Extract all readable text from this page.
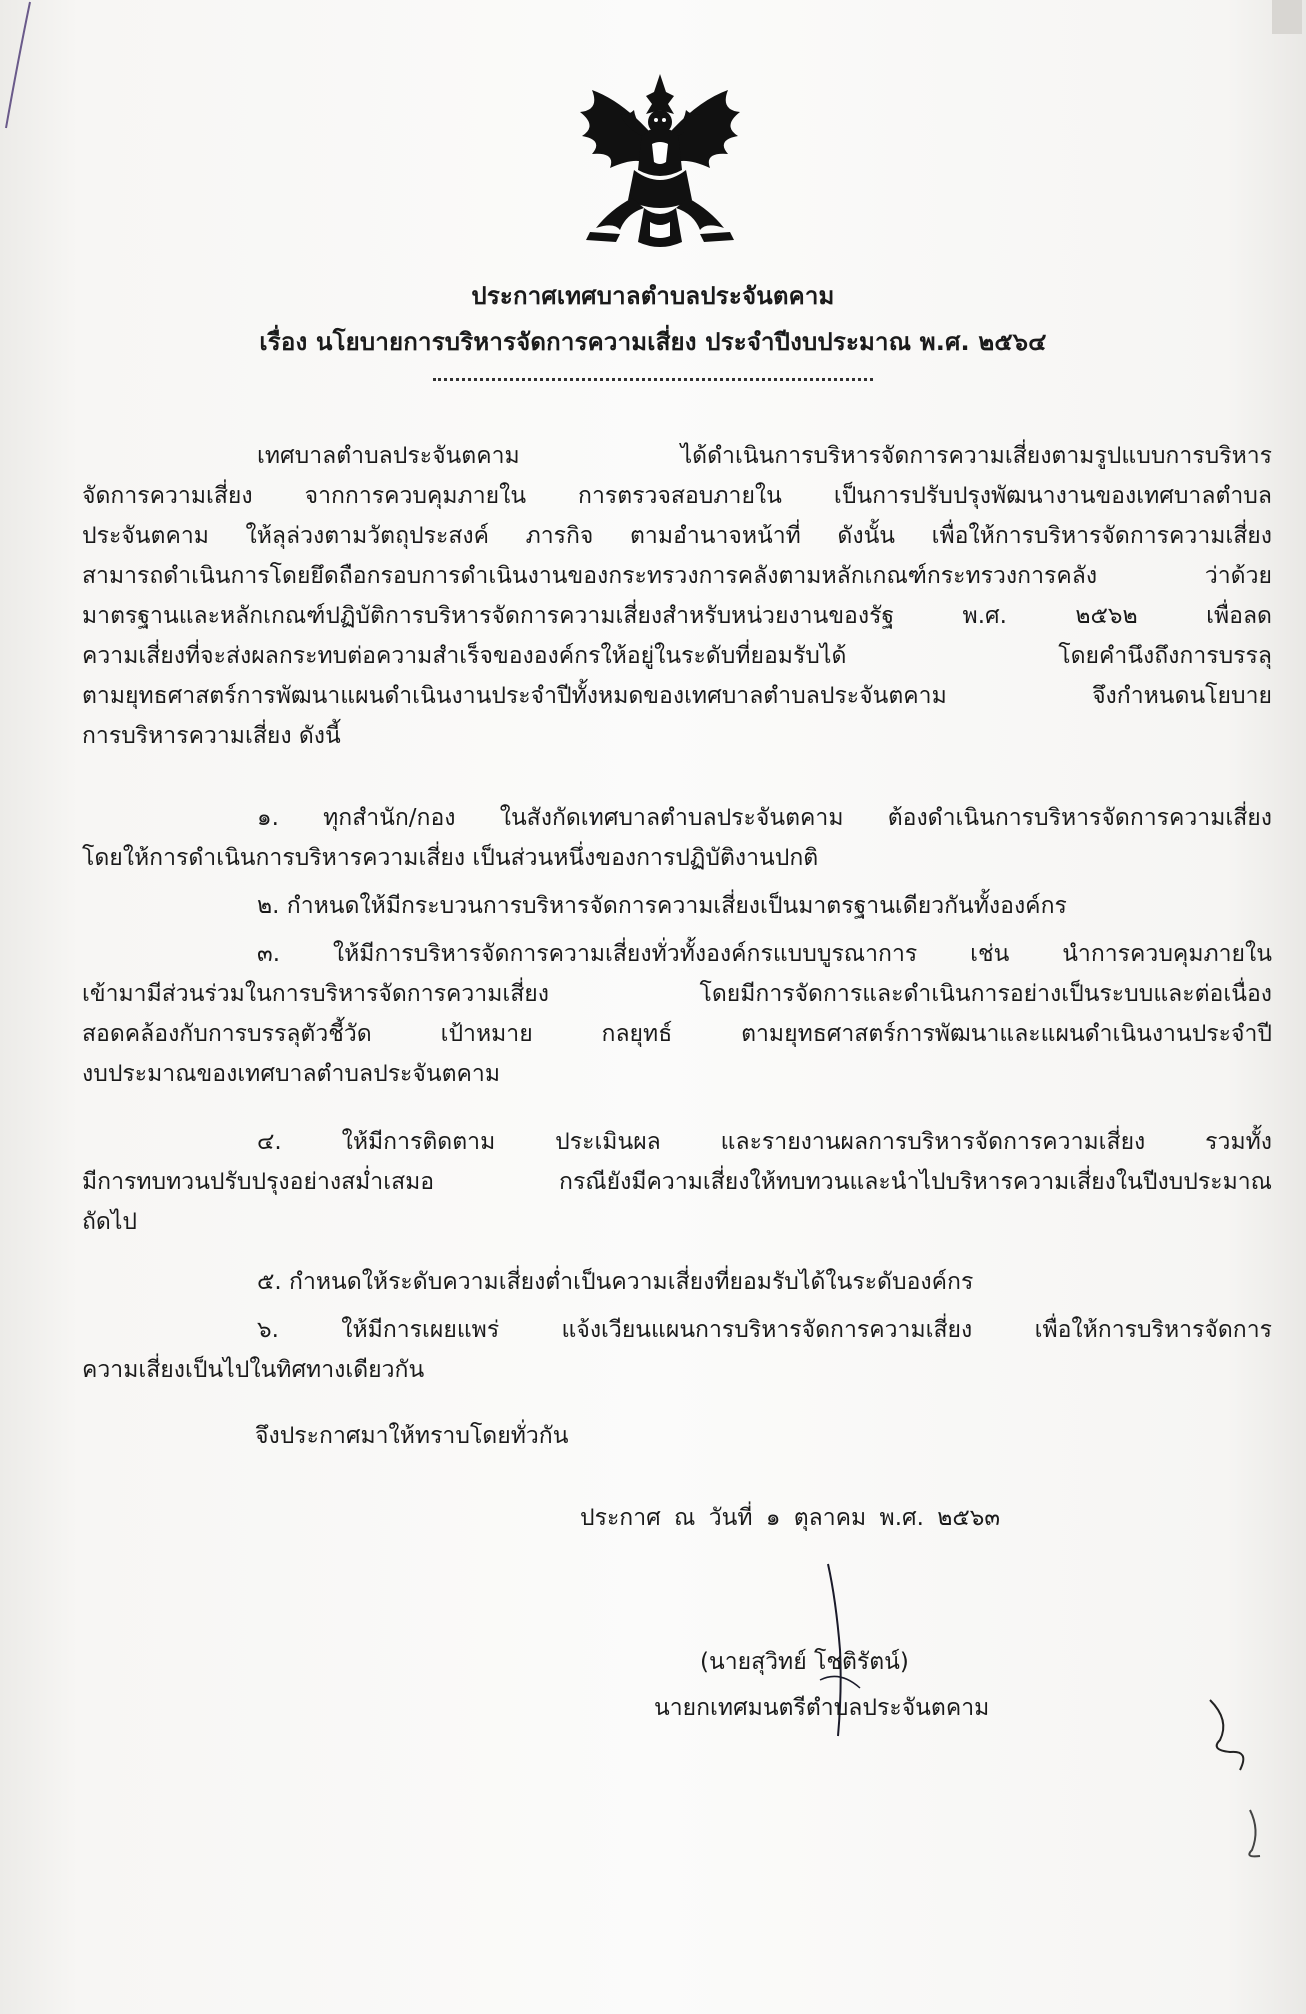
ประกาศเทศบาลตำบลประจันตคาม
เรื่อง นโยบายการบริหารจัดการความเสี่ยง ประจำปีงบประมาณ พ.ศ. ๒๕๖๔
เทศบาลตำบลประจันตคาม ได้ดำเนินการบริหารจัดการความเสี่ยงตามรูปแบบการบริหาร
จัดการความเสี่ยง จากการควบคุมภายใน การตรวจสอบภายใน เป็นการปรับปรุงพัฒนางานของเทศบาลตำบล
ประจันตคาม ให้ลุล่วงตามวัตถุประสงค์ ภารกิจ ตามอำนาจหน้าที่ ดังนั้น เพื่อให้การบริหารจัดการความเสี่ยง
สามารถดำเนินการโดยยึดถือกรอบการดำเนินงานของกระทรวงการคลังตามหลักเกณฑ์กระทรวงการคลัง ว่าด้วย
มาตรฐานและหลักเกณฑ์ปฏิบัติการบริหารจัดการความเสี่ยงสำหรับหน่วยงานของรัฐ พ.ศ. ๒๕๖๒ เพื่อลด
ความเสี่ยงที่จะส่งผลกระทบต่อความสำเร็จขององค์กรให้อยู่ในระดับที่ยอมรับได้ โดยคำนึงถึงการบรรลุ
ตามยุทธศาสตร์การพัฒนาแผนดำเนินงานประจำปีทั้งหมดของเทศบาลตำบลประจันตคาม จึงกำหนดนโยบาย
การบริหารความเสี่ยง ดังนี้
๑. ทุกสำนัก/กอง ในสังกัดเทศบาลตำบลประจันตคาม ต้องดำเนินการบริหารจัดการความเสี่ยง
โดยให้การดำเนินการบริหารความเสี่ยง เป็นส่วนหนึ่งของการปฏิบัติงานปกติ
๒. กำหนดให้มีกระบวนการบริหารจัดการความเสี่ยงเป็นมาตรฐานเดียวกันทั้งองค์กร
๓. ให้มีการบริหารจัดการความเสี่ยงทั่วทั้งองค์กรแบบบูรณาการ เช่น นำการควบคุมภายใน
เข้ามามีส่วนร่วมในการบริหารจัดการความเสี่ยง โดยมีการจัดการและดำเนินการอย่างเป็นระบบและต่อเนื่อง
สอดคล้องกับการบรรลุตัวชี้วัด เป้าหมาย กลยุทธ์ ตามยุทธศาสตร์การพัฒนาและแผนดำเนินงานประจำปี
งบประมาณของเทศบาลตำบลประจันตคาม
๔. ให้มีการติดตาม ประเมินผล และรายงานผลการบริหารจัดการความเสี่ยง รวมทั้ง
มีการทบทวนปรับปรุงอย่างสม่ำเสมอ กรณียังมีความเสี่ยงให้ทบทวนและนำไปบริหารความเสี่ยงในปีงบประมาณ
ถัดไป
๕. กำหนดให้ระดับความเสี่ยงต่ำเป็นความเสี่ยงที่ยอมรับได้ในระดับองค์กร
๖. ให้มีการเผยแพร่ แจ้งเวียนแผนการบริหารจัดการความเสี่ยง เพื่อให้การบริหารจัดการ
ความเสี่ยงเป็นไปในทิศทางเดียวกัน
จึงประกาศมาให้ทราบโดยทั่วกัน
ประกาศ ณ วันที่ ๑ ตุลาคม พ.ศ. ๒๕๖๓
(นายสุวิทย์ โชติรัตน์)
นายกเทศมนตรีตำบลประจันตคาม
